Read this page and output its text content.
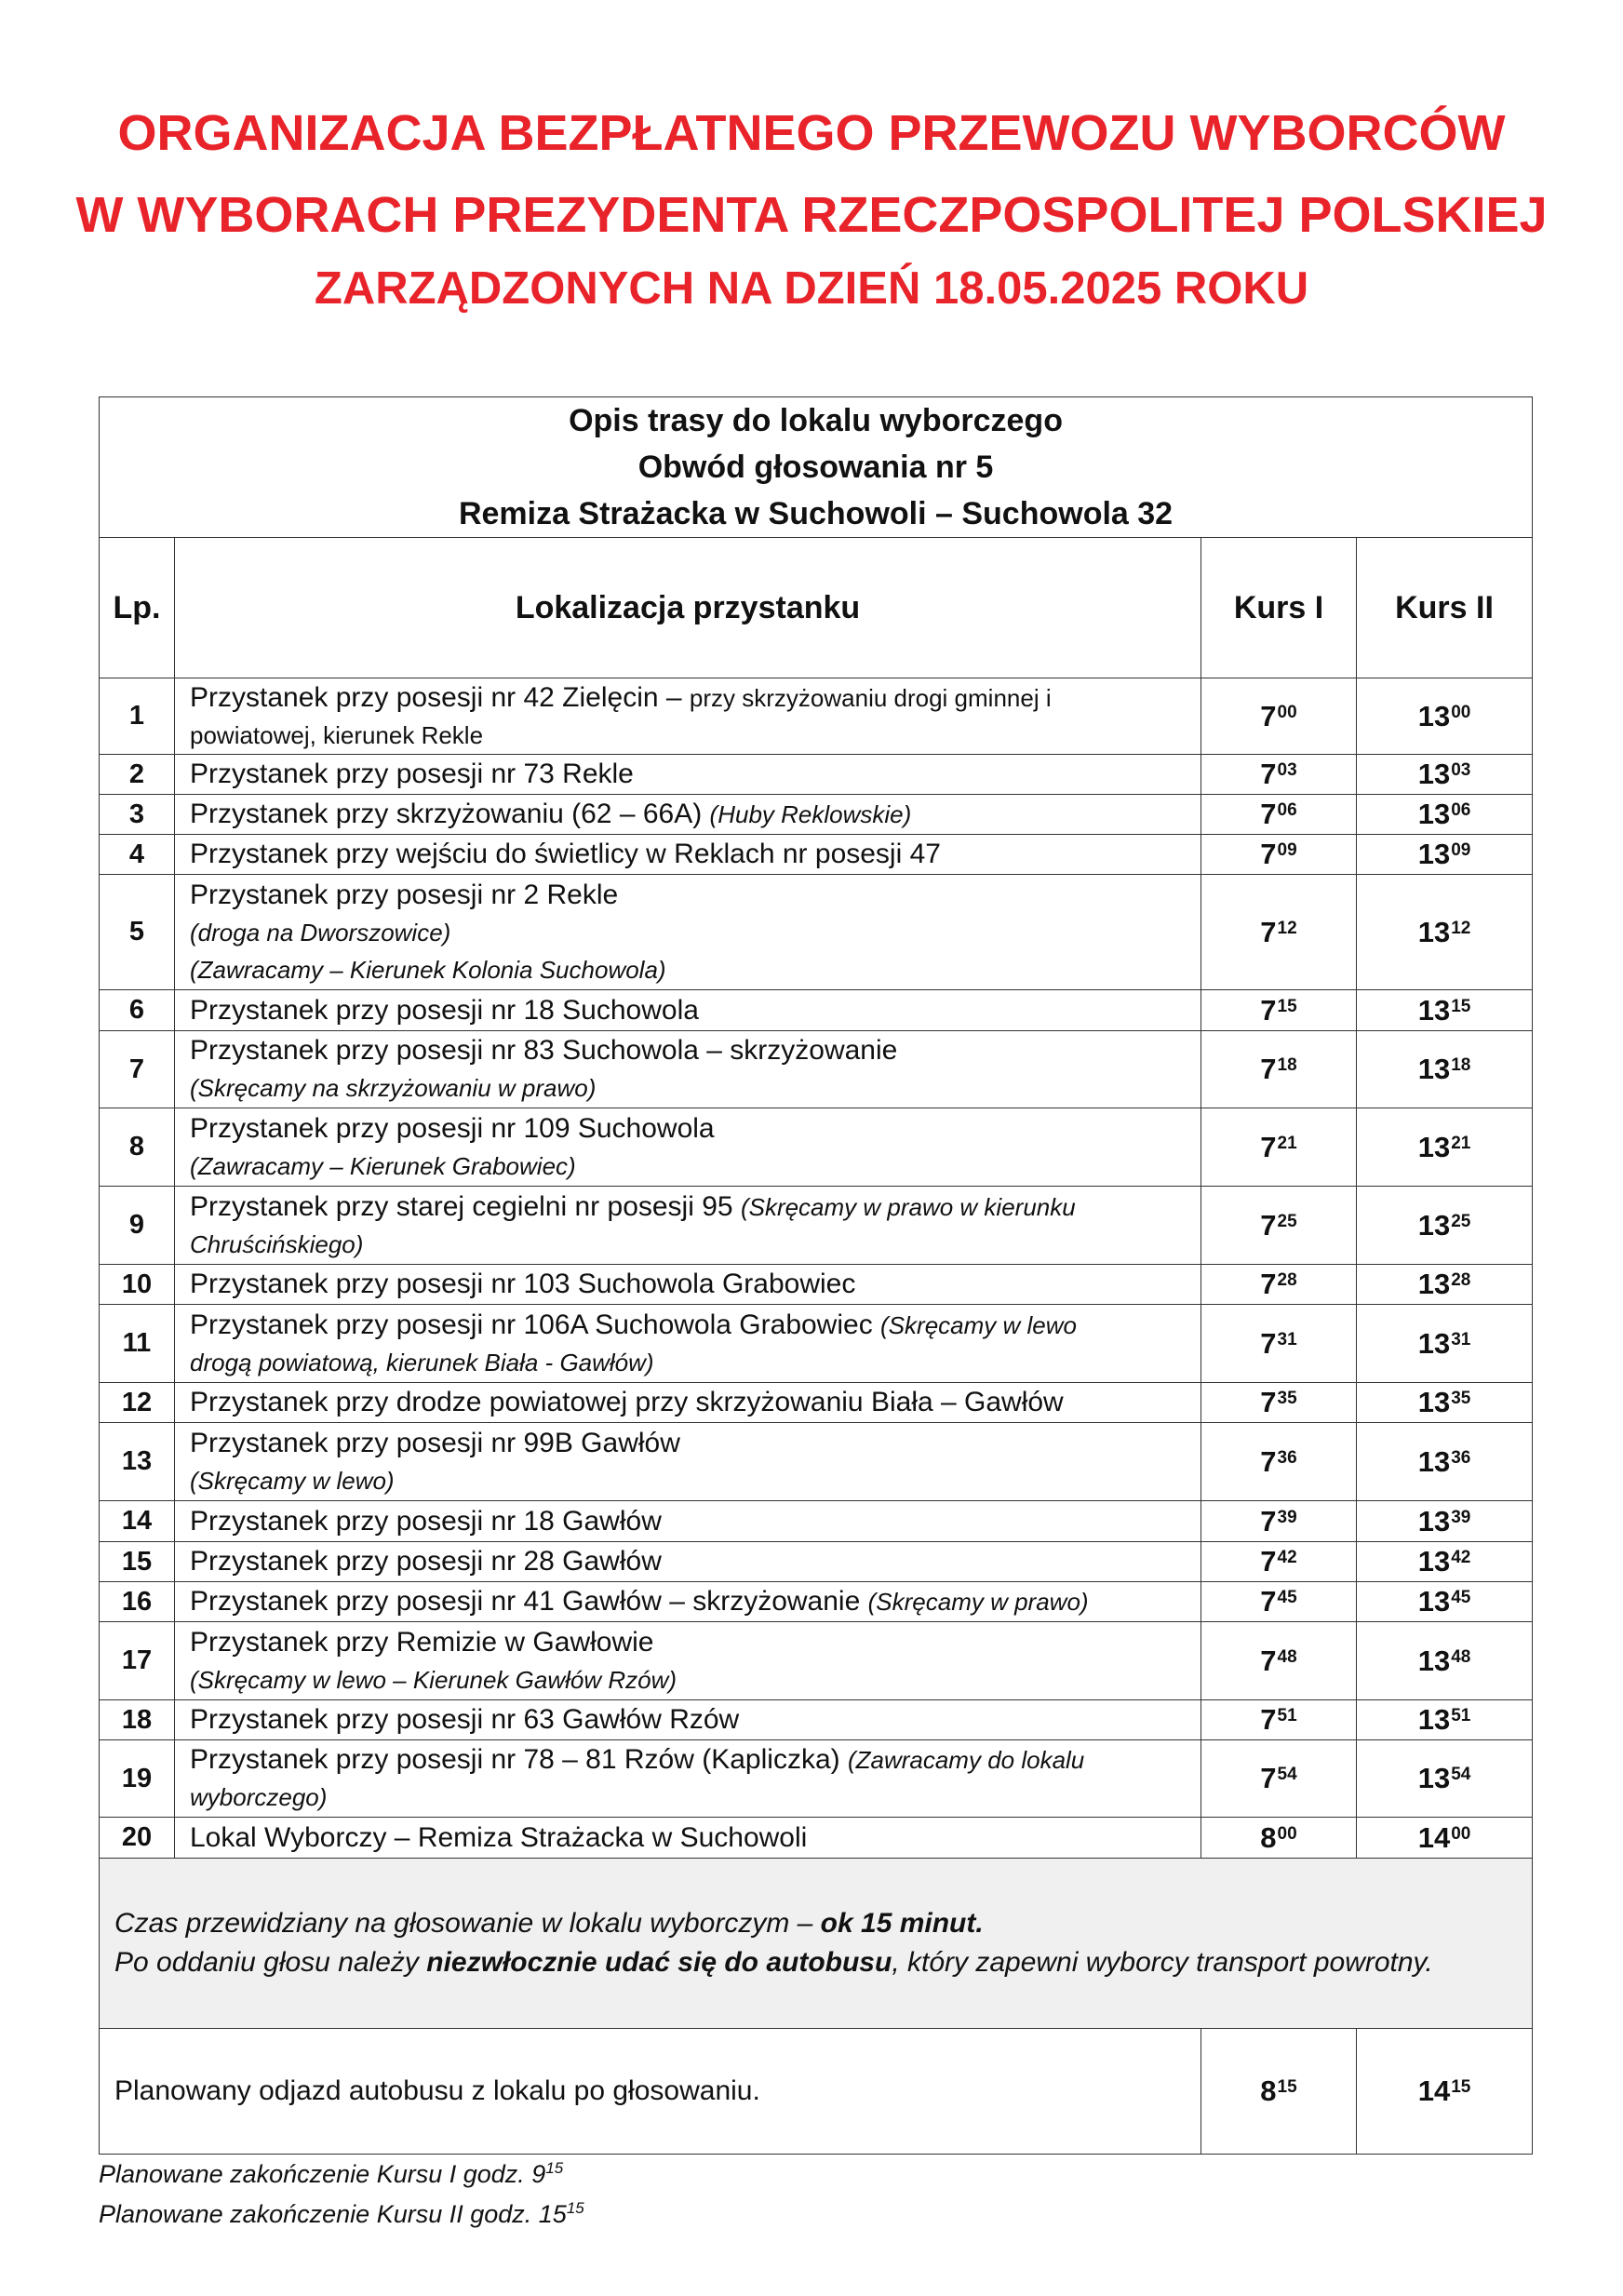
ORGANIZACJA BEZPŁATNEGO PRZEWOZU WYBORCÓW
W WYBORACH PREZYDENTA RZECZPOSPOLITEJ POLSKIEJ
ZARZĄDZONYCH NA DZIEŃ 18.05.2025 ROKU
Opis trasy do lokalu wyborczego
Obwód głosowania nr 5
Remiza Strażacka w Suchowoli – Suchowola 32			

Lp.	Lokalizacja przystanku	Kurs I	Kurs II
1	Przystanek przy posesji nr 42 Zielęcin – przy skrzyżowaniu drogi gminnej i
powiatowej, kierunek Rekle	$7^{00}$	$13^{00}$
2	Przystanek przy posesji nr 73 Rekle	$7^{03}$	$13^{03}$
3	Przystanek przy skrzyżowaniu (62 – 66A) (Huby Reklowskie)	$7^{06}$	$13^{06}$
4	Przystanek przy wejściu do świetlicy w Reklach nr posesji 47	$7^{09}$	$13^{09}$
5	Przystanek przy posesji nr 2 Rekle
(droga na Dworszowice)
(Zawracamy – Kierunek Kolonia Suchowola)	$7^{12}$	$13^{12}$
6	Przystanek przy posesji nr 18 Suchowola	$7^{15}$	$13^{15}$
7	Przystanek przy posesji nr 83 Suchowola – skrzyżowanie
(Skręcamy na skrzyżowaniu w prawo)	$7^{18}$	$13^{18}$
8	Przystanek przy posesji nr 109 Suchowola
(Zawracamy – Kierunek Grabowiec)	$7^{21}$	$13^{21}$
9	Przystanek przy starej cegielni nr posesji 95 (Skręcamy w prawo w kierunku
Chruścińskiego)	$7^{25}$	$13^{25}$
10	Przystanek przy posesji nr 103 Suchowola Grabowiec	$7^{28}$	$13^{28}$
11	Przystanek przy posesji nr 106A Suchowola Grabowiec (Skręcamy w lewo
drogą powiatową, kierunek Biała - Gawłów)	$7^{31}$	$13^{31}$
12	Przystanek przy drodze powiatowej przy skrzyżowaniu Biała – Gawłów	$7^{35}$	$13^{35}$
13	Przystanek przy posesji nr 99B Gawłów
(Skręcamy w lewo)	$7^{36}$	$13^{36}$
14	Przystanek przy posesji nr 18 Gawłów	$7^{39}$	$13^{39}$
15	Przystanek przy posesji nr 28 Gawłów	$7^{42}$	$13^{42}$
16	Przystanek przy posesji nr 41 Gawłów – skrzyżowanie (Skręcamy w prawo)	$7^{45}$	$13^{45}$
17	Przystanek przy Remizie w Gawłowie
(Skręcamy w lewo – Kierunek Gawłów Rzów)	$7^{48}$	$13^{48}$
18	Przystanek przy posesji nr 63 Gawłów Rzów	$7^{51}$	$13^{51}$
19	Przystanek przy posesji nr 78 – 81 Rzów (Kapliczka) (Zawracamy do lokalu
wyborczego)	$7^{54}$	$13^{54}$
20	Lokal Wyborczy – Remiza Strażacka w Suchowoli	$8^{00}$	$14^{00}$

Czas przewidziany na głosowanie w lokalu wyborczym – ok 15 minut.
Po oddaniu głosu należy niezwłocznie udać się do autobusu, który zapewni wyborcy transport powrotny.			

Planowany odjazd autobusu z lokalu po głosowaniu.		$8^{15}$	$14^{15}$
Planowane zakończenie Kursu I godz. $9^{15}$
Planowane zakończenie Kursu II godz. $15^{15}$
